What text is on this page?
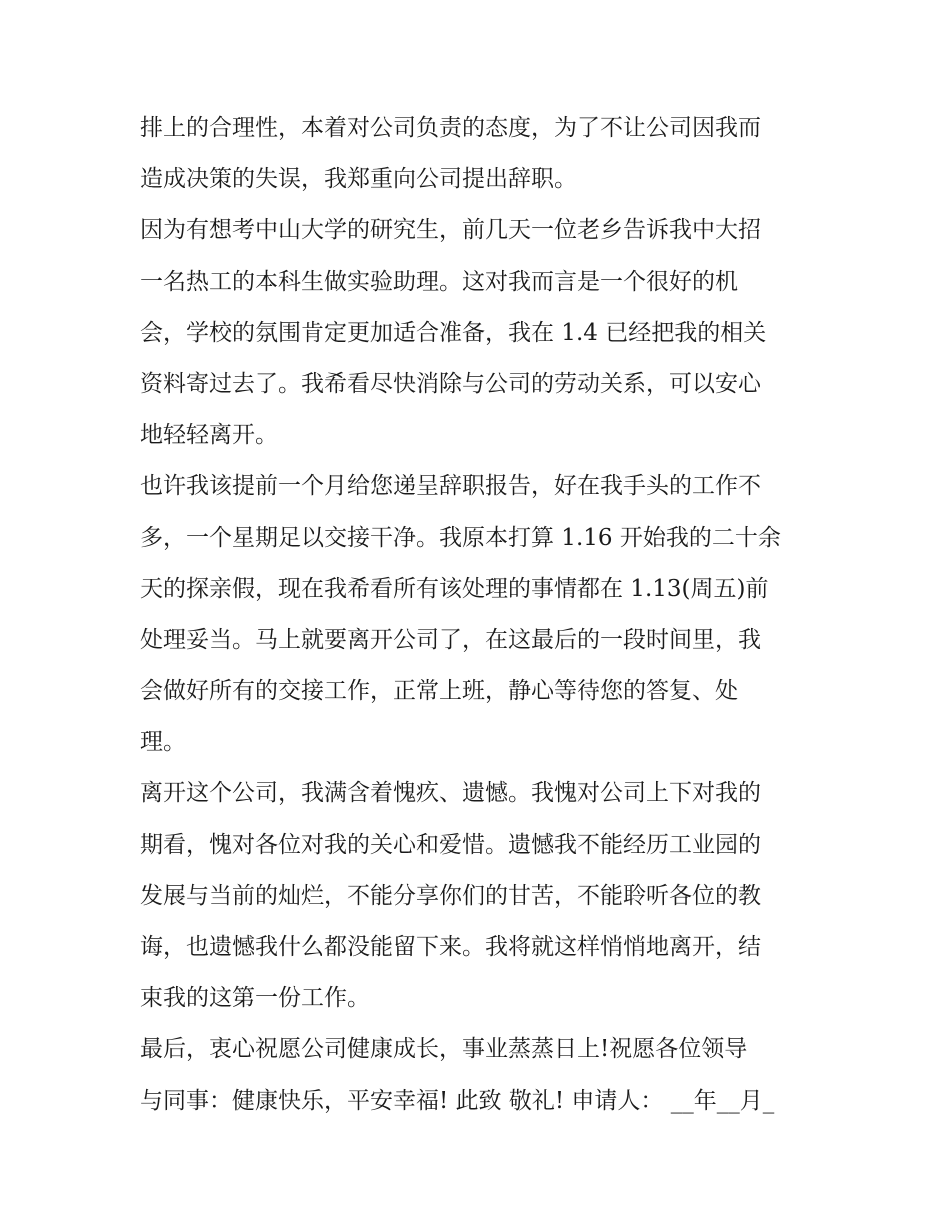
排上的合理性，本着对公司负责的态度，为了不让公司因我而
造成决策的失误，我郑重向公司提出辞职。
因为有想考中山大学的研究生，前几天一位老乡告诉我中大招
一名热工的本科生做实验助理。这对我而言是一个很好的机
会，学校的氛围肯定更加适合准备，我在 1.4 已经把我的相关
资料寄过去了。我希看尽快消除与公司的劳动关系，可以安心
地轻轻离开。
也许我该提前一个月给您递呈辞职报告，好在我手头的工作不
多，一个星期足以交接干净。我原本打算 1.16 开始我的二十余
天的探亲假，现在我希看所有该处理的事情都在 1.13(周五)前
处理妥当。马上就要离开公司了，在这最后的一段时间里，我
会做好所有的交接工作，正常上班，静心等待您的答复、处
理。
离开这个公司，我满含着愧疚、遗憾。我愧对公司上下对我的
期看，愧对各位对我的关心和爱惜。遗憾我不能经历工业园的
发展与当前的灿烂，不能分享你们的甘苦，不能聆听各位的教
诲，也遗憾我什么都没能留下来。我将就这样悄悄地离开，结
束我的这第一份工作。
最后，衷心祝愿公司健康成长，事业蒸蒸日上!祝愿各位领导
与同事：健康快乐，平安幸福! 此致 敬礼! 申请人： __年__月_
